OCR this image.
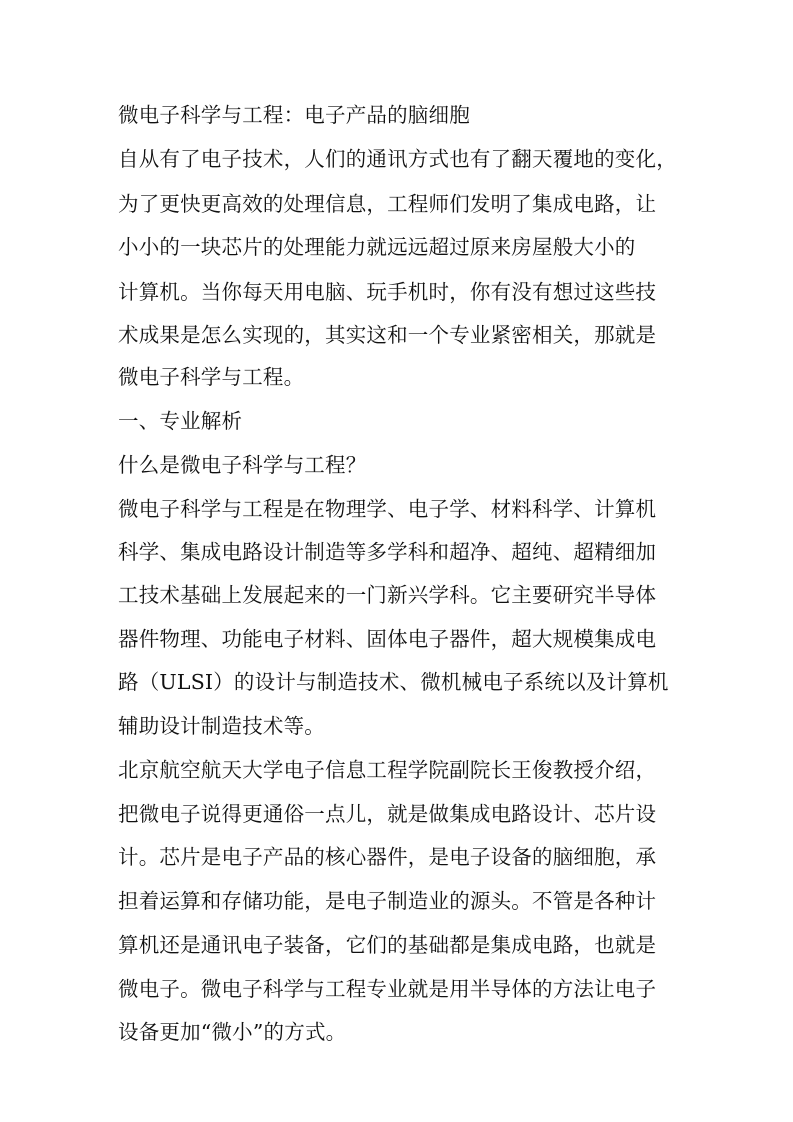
微电子科学与工程：电子产品的脑细胞
自从有了电子技术，人们的通讯方式也有了翻天覆地的变化，
为了更快更高效的处理信息，工程师们发明了集成电路，让
小小的一块芯片的处理能力就远远超过原来房屋般大小的
计算机。当你每天用电脑、玩手机时，你有没有想过这些技
术成果是怎么实现的，其实这和一个专业紧密相关，那就是
微电子科学与工程。
一、专业解析
什么是微电子科学与工程？
微电子科学与工程是在物理学、电子学、材料科学、计算机
科学、集成电路设计制造等多学科和超净、超纯、超精细加
工技术基础上发展起来的一门新兴学科。它主要研究半导体
器件物理、功能电子材料、固体电子器件，超大规模集成电
路（ULSI）的设计与制造技术、微机械电子系统以及计算机
辅助设计制造技术等。
北京航空航天大学电子信息工程学院副院长王俊教授介绍，
把微电子说得更通俗一点儿，就是做集成电路设计、芯片设
计。芯片是电子产品的核心器件，是电子设备的脑细胞，承
担着运算和存储功能，是电子制造业的源头。不管是各种计
算机还是通讯电子装备，它们的基础都是集成电路，也就是
微电子。微电子科学与工程专业就是用半导体的方法让电子
设备更加“微小”的方式。
